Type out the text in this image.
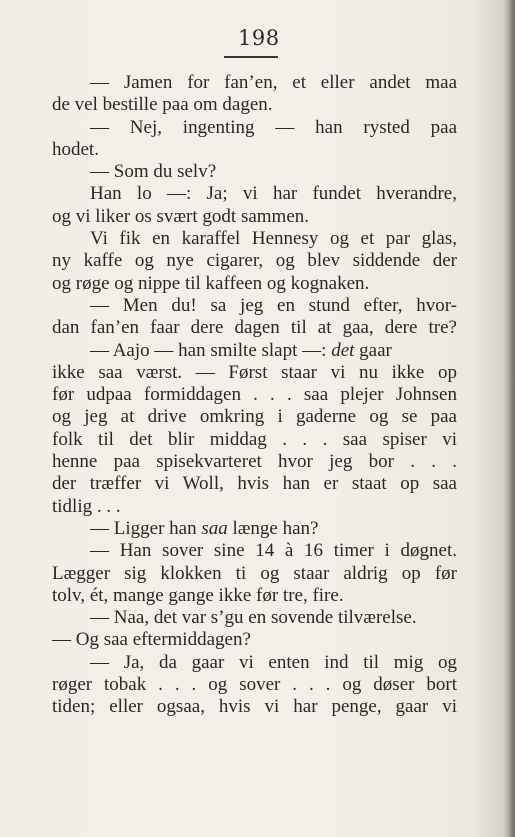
198
— Jamen for fan’en, et eller andet maa
de vel bestille paa om dagen.
— Nej, ingenting — han rysted paa
hodet.
— Som du selv?
Han lo —: Ja; vi har fundet hverandre,
og vi liker os svært godt sammen.
Vi fik en karaffel Hennesy og et par glas,
ny kaffe og nye cigarer, og blev siddende der
og røge og nippe til kaffeen og kognaken.
— Men du! sa jeg en stund efter, hvor-
dan fan’en faar dere dagen til at gaa, dere tre?
— Aajo — han smilte slapt —: det gaar
ikke saa værst. — Først staar vi nu ikke op
før udpaa formiddagen . . . saa plejer Johnsen
og jeg at drive omkring i gaderne og se paa
folk til det blir middag . . . saa spiser vi
henne paa spisekvarteret hvor jeg bor . . .
der træffer vi Woll, hvis han er staat op saa
tidlig . . .
— Ligger han saa længe han?
— Han sover sine 14 à 16 timer i døgnet.
Lægger sig klokken ti og staar aldrig op før
tolv, ét, mange gange ikke før tre, fire.
— Naa, det var s’gu en sovende tilværelse.
— Og saa eftermiddagen?
— Ja, da gaar vi enten ind til mig og
røger tobak . . . og sover . . . og døser bort
tiden; eller ogsaa, hvis vi har penge, gaar vi
